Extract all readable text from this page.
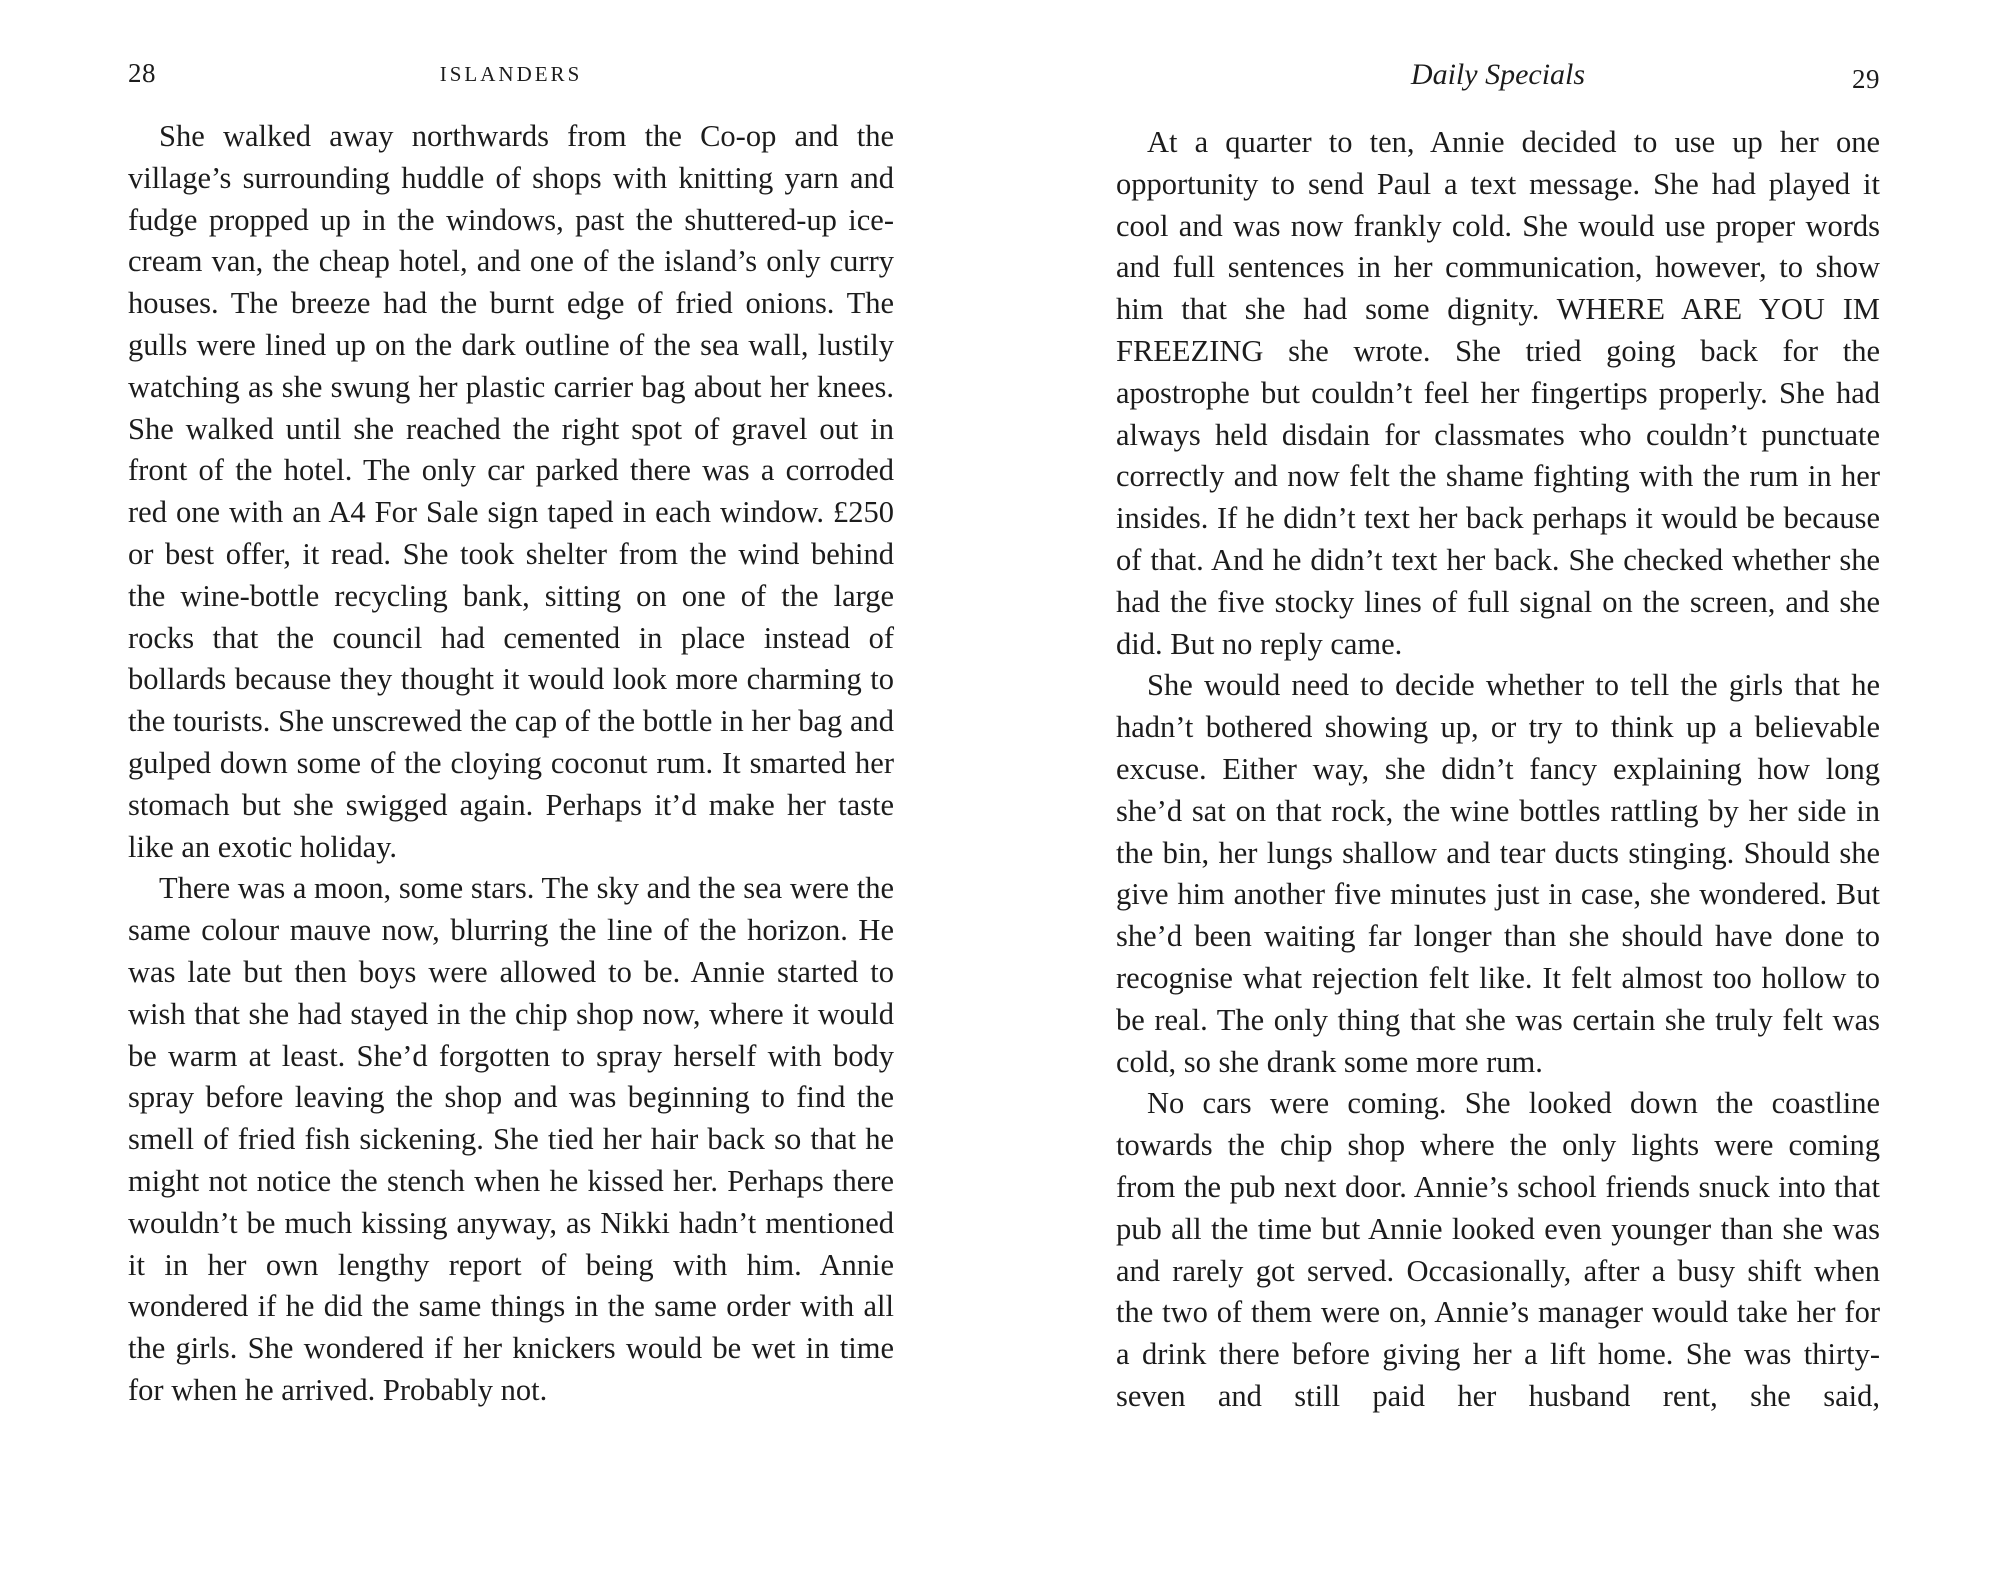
28	ISLANDERS

She walked away northwards from the Co-op and the village’s surrounding huddle of shops with knitting yarn and fudge propped up in the windows, past the shuttered-up ice-cream van, the cheap hotel, and one of the island’s only curry houses. The breeze had the burnt edge of fried onions. The gulls were lined up on the dark outline of the sea wall, lustily watching as she swung her plastic carrier bag about her knees. She walked until she reached the right spot of gravel out in front of the hotel. The only car parked there was a corroded red one with an A4 For Sale sign taped in each window. £250 or best offer, it read. She took shelter from the wind behind the wine-bottle recycling bank, sitting on one of the large rocks that the council had cemented in place instead of bollards because they thought it would look more charming to the tourists. She unscrewed the cap of the bottle in her bag and gulped down some of the cloying coconut rum. It smarted her stomach but she swigged again. Perhaps it’d make her taste like an exotic holiday.

There was a moon, some stars. The sky and the sea were the same colour mauve now, blurring the line of the horizon. He was late but then boys were allowed to be. Annie started to wish that she had stayed in the chip shop now, where it would be warm at least. She’d forgotten to spray herself with body spray before leaving the shop and was beginning to find the smell of fried fish sickening. She tied her hair back so that he might not notice the stench when he kissed her. Perhaps there wouldn’t be much kissing anyway, as Nikki hadn’t mentioned it in her own lengthy report of being with him. Annie wondered if he did the same things in the same order with all the girls. She wondered if her knickers would be wet in time for when he arrived. Probably not.

Daily Specials	29

At a quarter to ten, Annie decided to use up her one opportunity to send Paul a text message. She had played it cool and was now frankly cold. She would use proper words and full sentences in her communication, however, to show him that she had some dignity. WHERE ARE YOU IM FREEZING she wrote. She tried going back for the apostrophe but couldn’t feel her fingertips properly. She had always held disdain for classmates who couldn’t punctuate correctly and now felt the shame fighting with the rum in her insides. If he didn’t text her back perhaps it would be because of that. And he didn’t text her back. She checked whether she had the five stocky lines of full signal on the screen, and she did. But no reply came.

She would need to decide whether to tell the girls that he hadn’t bothered showing up, or try to think up a believable excuse. Either way, she didn’t fancy explaining how long she’d sat on that rock, the wine bottles rattling by her side in the bin, her lungs shallow and tear ducts stinging. Should she give him another five minutes just in case, she wondered. But she’d been waiting far longer than she should have done to recognise what rejection felt like. It felt almost too hollow to be real. The only thing that she was certain she truly felt was cold, so she drank some more rum.

No cars were coming. She looked down the coastline towards the chip shop where the only lights were coming from the pub next door. Annie’s school friends snuck into that pub all the time but Annie looked even younger than she was and rarely got served. Occasionally, after a busy shift when the two of them were on, Annie’s manager would take her for a drink there before giving her a lift home. She was thirty-seven and still paid her husband rent, she said,
